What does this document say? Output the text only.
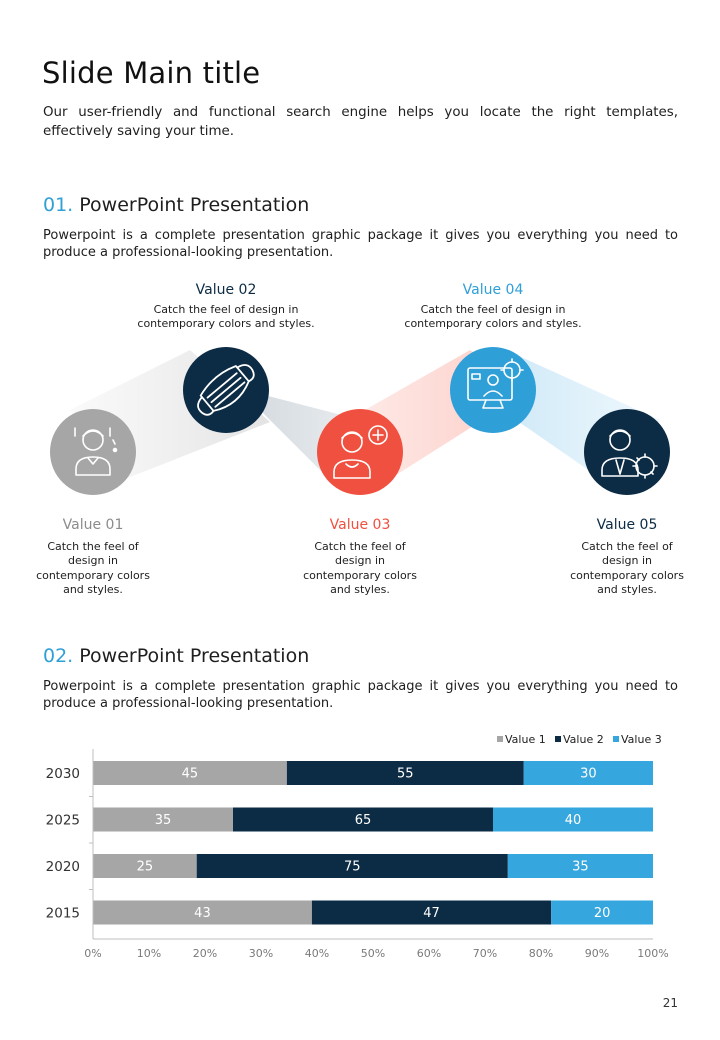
Slide Main title

Our user-friendly and functional search engine helps you locate the right templates, effectively saving your time.

01. PowerPoint Presentation

Powerpoint is a complete presentation graphic package it gives you everything you need to produce a professional-looking presentation.

Value 02
Catch the feel of design in
contemporary colors and styles.
Value 04
Catch the feel of design in
contemporary colors and styles.
Value 01
Catch the feel of
design in
contemporary colors
and styles.
Value 03
Catch the feel of
design in
contemporary colors
and styles.
Value 05
Catch the feel of
design in
contemporary colors
and styles.
02. PowerPoint Presentation

Powerpoint is a complete presentation graphic package it gives you everything you need to produce a professional-looking presentation.

Value 1 Value 2 Value 3
45	55	30
35	65	40
25	75	35
43	47	20
2030
2025
2020
2015
0%	10%	20%	30%	40%	50%	60%	70%	80%	90%	100%
21
